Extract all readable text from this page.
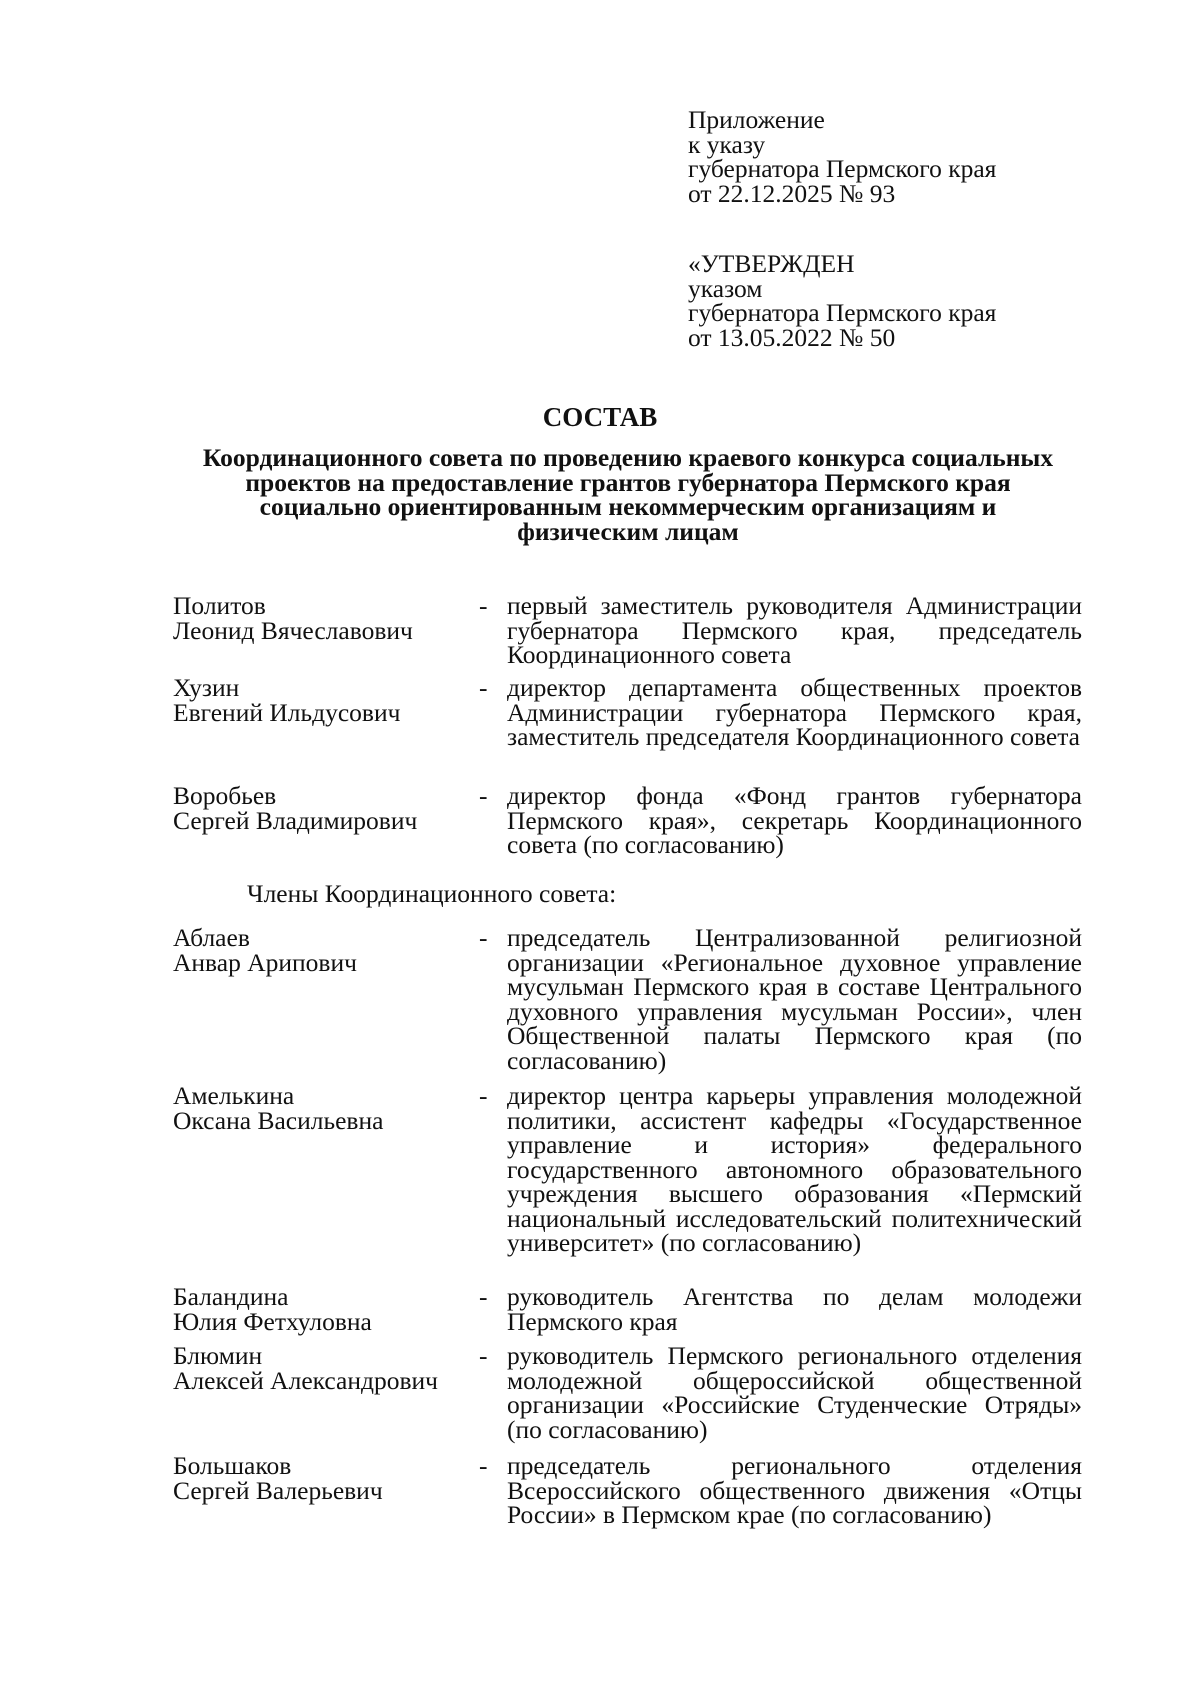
Приложение
к указу
губернатора Пермского края
от 22.12.2025 № 93
«УТВЕРЖДЕН
указом
губернатора Пермского края
от 13.05.2022 № 50
СОСТАВ
Координационного совета по проведению краевого конкурса социальных проектов на предоставление грантов губернатора Пермского края социально ориентированным некоммерческим организациям и физическим лицам
Политов
Леонид Вячеславович
- первый заместитель руководителя Администрации губернатора Пермского края, председатель Координационного совета
Хузин
Евгений Ильдусович
- директор департамента общественных проектов Администрации губернатора Пермского края, заместитель председателя Координационного совета
Воробьев
Сергей Владимирович
- директор фонда «Фонд грантов губернатора Пермского края», секретарь Координационного совета (по согласованию)
Члены Координационного совета:
Аблаев
Анвар Арипович
- председатель Централизованной религиозной организации «Региональное духовное управление мусульман Пермского края в составе Центрального духовного управления мусульман России», член Общественной палаты Пермского края (по согласованию)
Амелькина
Оксана Васильевна
- директор центра карьеры управления молодежной политики, ассистент кафедры «Государственное управление и история» федерального государственного автономного образовательного учреждения высшего образования «Пермский национальный исследовательский политехнический университет» (по согласованию)
Баландина
Юлия Фетхуловна
- руководитель Агентства по делам молодежи Пермского края
Блюмин
Алексей Александрович
- руководитель Пермского регионального отделения молодежной общероссийской общественной организации «Российские Студенческие Отряды» (по согласованию)
Большаков
Сергей Валерьевич
- председатель регионального отделения Всероссийского общественного движения «Отцы России» в Пермском крае (по согласованию)
